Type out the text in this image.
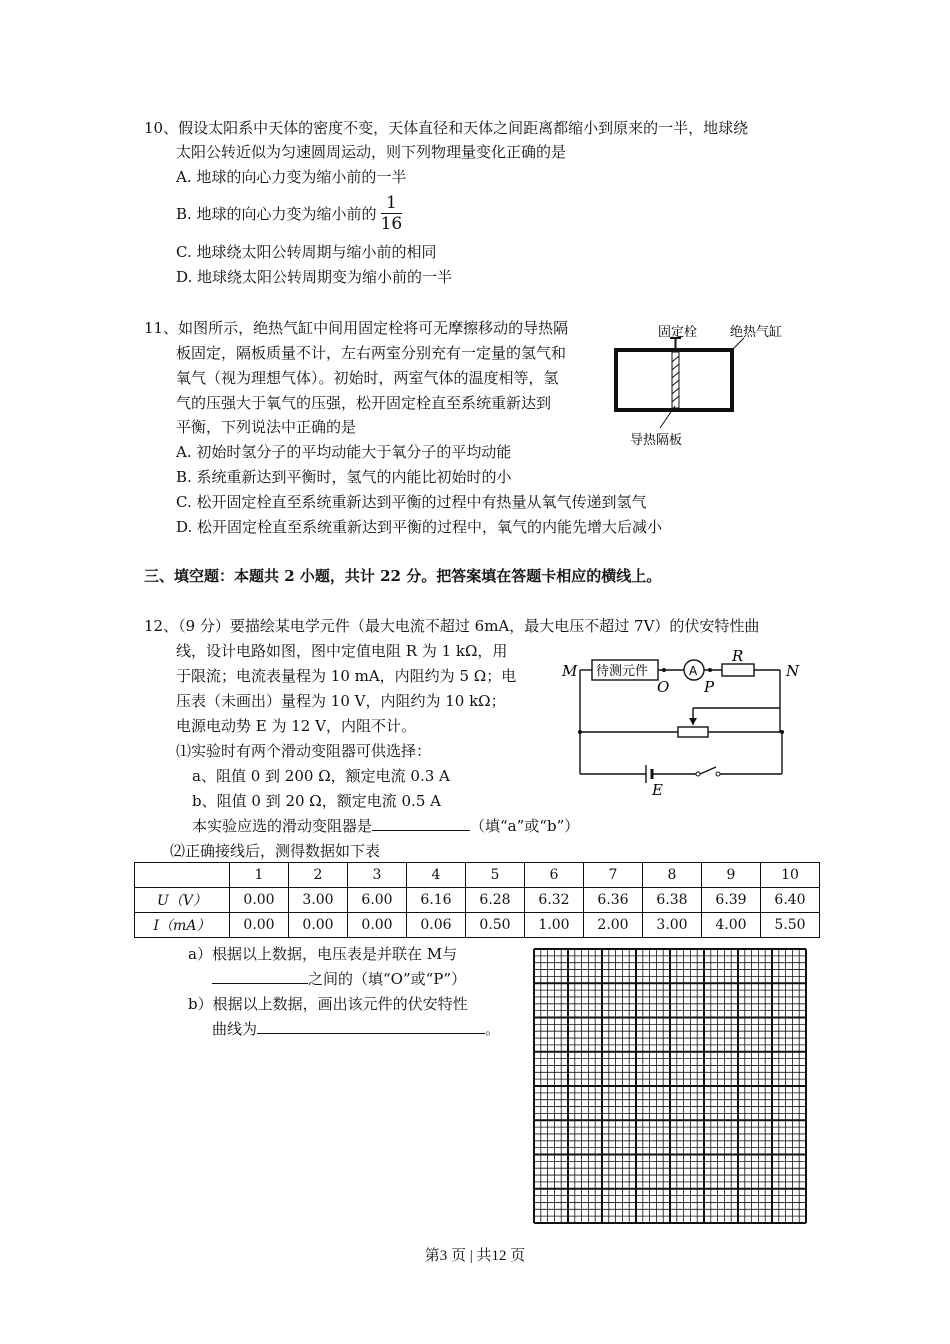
10、假设太阳系中天体的密度不变，天体直径和天体之间距离都缩小到原来的一半，地球绕
太阳公转近似为匀速圆周运动，则下列物理量变化正确的是
A. 地球的向心力变为缩小前的一半
B. 地球的向心力变为缩小前的 $\frac{1}{16}$
C. 地球绕太阳公转周期与缩小前的相同
D. 地球绕太阳公转周期变为缩小前的一半
11、如图所示，绝热气缸中间用固定栓将可无摩擦移动的导热隔
板固定，隔板质量不计，左右两室分别充有一定量的氢气和
氧气（视为理想气体）。初始时，两室气体的温度相等，氢
气的压强大于氧气的压强，松开固定栓直至系统重新达到
平衡，下列说法中正确的是
A. 初始时氢分子的平均动能大于氧分子的平均动能
B. 系统重新达到平衡时，氢气的内能比初始时的小
C. 松开固定栓直至系统重新达到平衡的过程中有热量从氧气传递到氢气
D. 松开固定栓直至系统重新达到平衡的过程中，氧气的内能先增大后减小
固定栓	绝热气缸
导热隔板
三、填空题：本题共 2 小题，共计 22 分。把答案填在答题卡相应的横线上。
12、（9 分）要描绘某电学元件（最大电流不超过 6mA，最大电压不超过 7V）的伏安特性曲
线，设计电路如图，图中定值电阻 R 为 1 kΩ，用
于限流；电流表量程为 10 mA，内阻约为 5 Ω；电
压表（未画出）量程为 10 V，内阻约为 10 kΩ；
电源电动势 E 为 12 V，内阻不计。
⑴实验时有两个滑动变阻器可供选择：
a、阻值 0 到 200 Ω，额定电流 0.3 A
b、阻值 0 到 20 Ω，额定电流 0.5 A
本实验应选的滑动变阻器是	（填“a”或“b”）
⑵正确接线后，测得数据如下表
待测元件	A
M	N
O P
R
E
	1	2	3	4	5	6	7	8	9	10
U（V）	0.00	3.00	6.00	6.16	6.28	6.32	6.36	6.38	6.39	6.40
I（mA）	0.00	0.00	0.00	0.06	0.50	1.00	2.00	3.00	4.00	5.50
a）根据以上数据，电压表是并联在 M与
之间的（填“O”或“P”）
b）根据以上数据，画出该元件的伏安特性
曲线为	。
第3 页 | 共12 页
